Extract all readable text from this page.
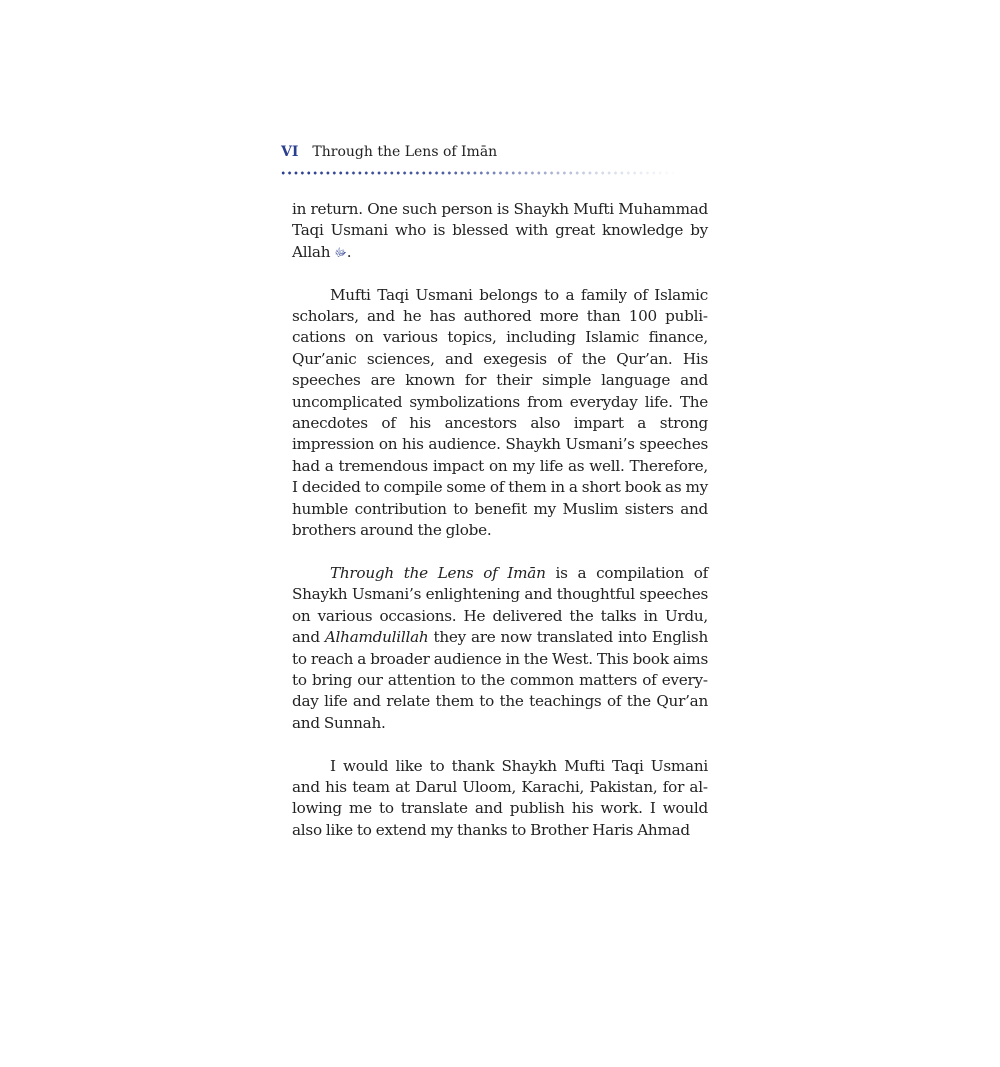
VI Through the Lens of Imān

in return. One such person is Shaykh Mufti Muhammad Taqi Usmani who is blessed with great knowledge by Allah ﷻ.

Mufti Taqi Usmani belongs to a family of Islamic scholars, and he has authored more than 100 publications on various topics, including Islamic finance, Qur’anic sciences, and exegesis of the Qur’an. His speeches are known for their simple language and uncomplicated symbolizations from everyday life. The anecdotes of his ancestors also impart a strong impression on his audience. Shaykh Usmani’s speeches had a tremendous impact on my life as well. Therefore, I decided to compile some of them in a short book as my humble contribution to benefit my Muslim sisters and brothers around the globe.

Through the Lens of Imān is a compilation of Shaykh Usmani’s enlightening and thoughtful speeches on various occasions. He delivered the talks in Urdu, and Alhamdulillah they are now translated into English to reach a broader audience in the West. This book aims to bring our attention to the common matters of everyday life and relate them to the teachings of the Qur’an and Sunnah.

I would like to thank Shaykh Mufti Taqi Usmani and his team at Darul Uloom, Karachi, Pakistan, for allowing me to translate and publish his work. I would also like to extend my thanks to Brother Haris Ahmad
